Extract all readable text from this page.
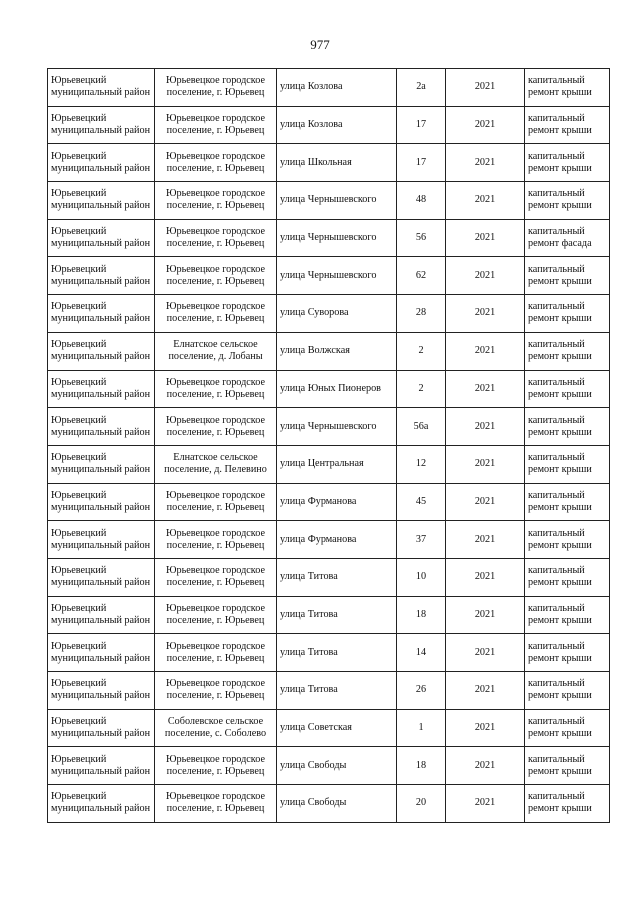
977
Юрьевецкий муниципальный район	Юрьевецкое городское поселение, г. Юрьевец	улица Козлова	2а	2021	капитальный ремонт крыши
Юрьевецкий муниципальный район	Юрьевецкое городское поселение, г. Юрьевец	улица Козлова	17	2021	капитальный ремонт крыши
Юрьевецкий муниципальный район	Юрьевецкое городское поселение, г. Юрьевец	улица Школьная	17	2021	капитальный ремонт крыши
Юрьевецкий муниципальный район	Юрьевецкое городское поселение, г. Юрьевец	улица Чернышевского	48	2021	капитальный ремонт крыши
Юрьевецкий муниципальный район	Юрьевецкое городское поселение, г. Юрьевец	улица Чернышевского	56	2021	капитальный ремонт фасада
Юрьевецкий муниципальный район	Юрьевецкое городское поселение, г. Юрьевец	улица Чернышевского	62	2021	капитальный ремонт крыши
Юрьевецкий муниципальный район	Юрьевецкое городское поселение, г. Юрьевец	улица Суворова	28	2021	капитальный ремонт крыши
Юрьевецкий муниципальный район	Елнатское сельское поселение, д. Лобаны	улица Волжская	2	2021	капитальный ремонт крыши
Юрьевецкий муниципальный район	Юрьевецкое городское поселение, г. Юрьевец	улица Юных Пионеров	2	2021	капитальный ремонт крыши
Юрьевецкий муниципальный район	Юрьевецкое городское поселение, г. Юрьевец	улица Чернышевского	56а	2021	капитальный ремонт крыши
Юрьевецкий муниципальный район	Елнатское сельское поселение, д. Пелевино	улица Центральная	12	2021	капитальный ремонт крыши
Юрьевецкий муниципальный район	Юрьевецкое городское поселение, г. Юрьевец	улица Фурманова	45	2021	капитальный ремонт крыши
Юрьевецкий муниципальный район	Юрьевецкое городское поселение, г. Юрьевец	улица Фурманова	37	2021	капитальный ремонт крыши
Юрьевецкий муниципальный район	Юрьевецкое городское поселение, г. Юрьевец	улица Титова	10	2021	капитальный ремонт крыши
Юрьевецкий муниципальный район	Юрьевецкое городское поселение, г. Юрьевец	улица Титова	18	2021	капитальный ремонт крыши
Юрьевецкий муниципальный район	Юрьевецкое городское поселение, г. Юрьевец	улица Титова	14	2021	капитальный ремонт крыши
Юрьевецкий муниципальный район	Юрьевецкое городское поселение, г. Юрьевец	улица Титова	26	2021	капитальный ремонт крыши
Юрьевецкий муниципальный район	Соболевское сельское поселение, с. Соболево	улица Советская	1	2021	капитальный ремонт крыши
Юрьевецкий муниципальный район	Юрьевецкое городское поселение, г. Юрьевец	улица Свободы	18	2021	капитальный ремонт крыши
Юрьевецкий муниципальный район	Юрьевецкое городское поселение, г. Юрьевец	улица Свободы	20	2021	капитальный ремонт крыши
